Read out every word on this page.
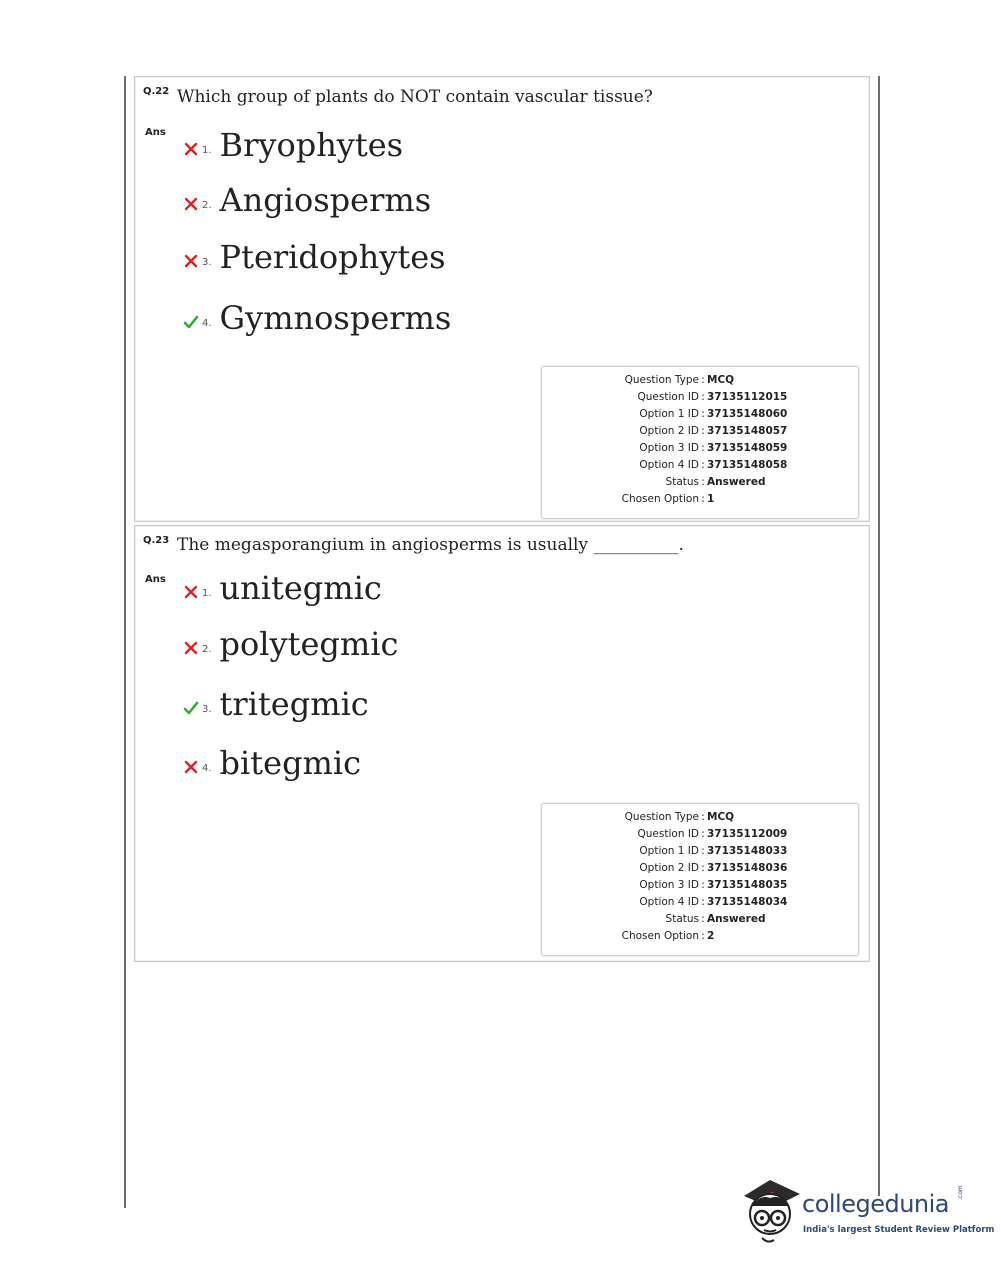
Q.22 Which group of plants do NOT contain vascular tissue?
Ans
1. Bryophytes
2. Angiosperms
3. Pteridophytes
4. Gymnosperms
Question Type : MCQ
Question ID : 37135112015
Option 1 ID : 37135148060
Option 2 ID : 37135148057
Option 3 ID : 37135148059
Option 4 ID : 37135148058
Status : Answered
Chosen Option : 1
Q.23 The megasporangium in angiosperms is usually __________.
Ans
1. unitegmic
2. polytegmic
3. tritegmic
4. bitegmic
Question Type : MCQ
Question ID : 37135112009
Option 1 ID : 37135148033
Option 2 ID : 37135148036
Option 3 ID : 37135148035
Option 4 ID : 37135148034
Status : Answered
Chosen Option : 2
collegedunia .com
India's largest Student Review Platform
